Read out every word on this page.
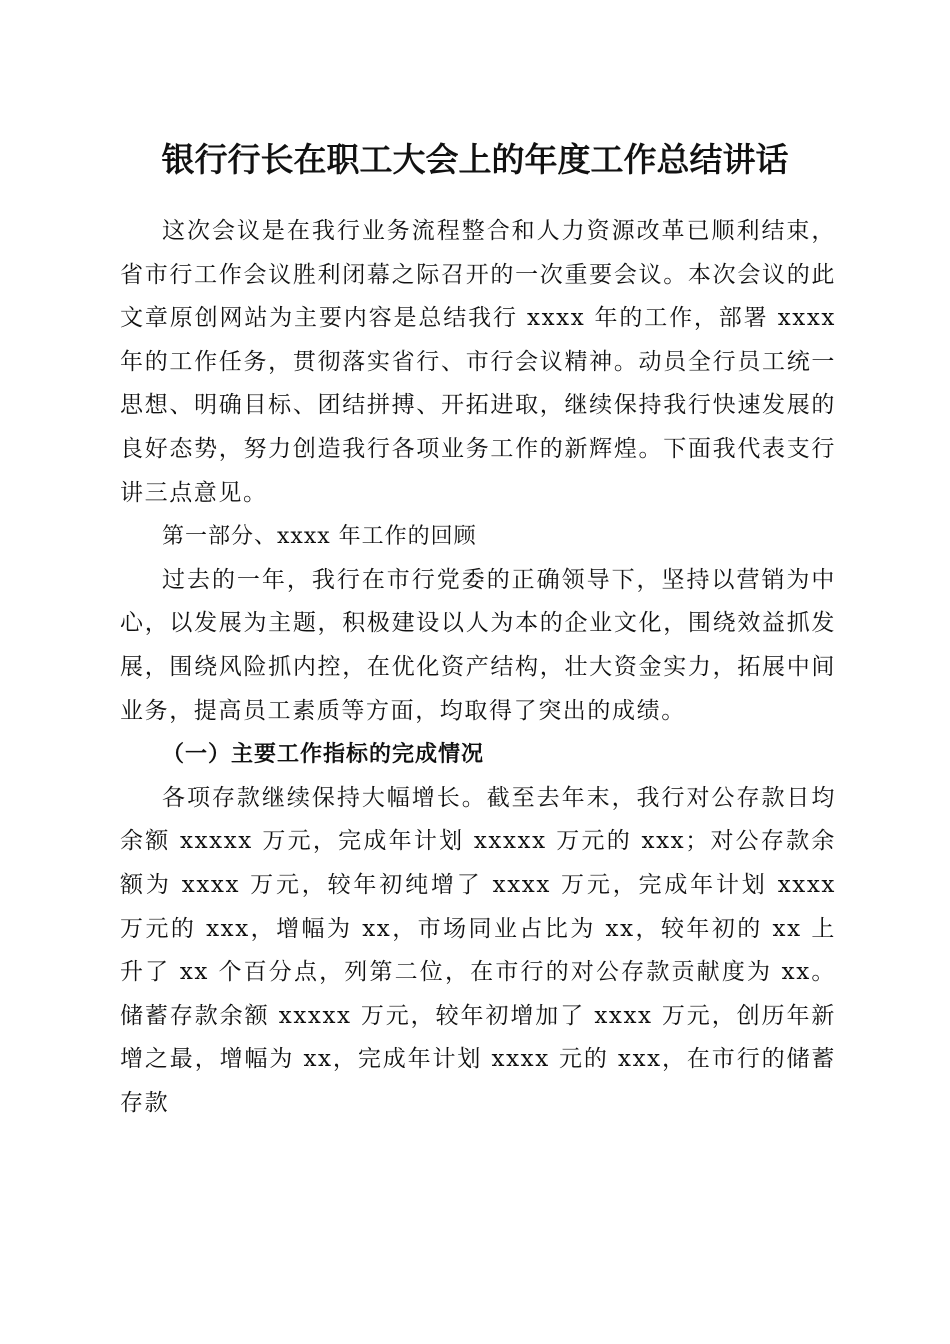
银行行长在职工大会上的年度工作总结讲话

这次会议是在我行业务流程整合和人力资源改革已顺利结束，省市行工作会议胜利闭幕之际召开的一次重要会议。本次会议的此文章原创网站为主要内容是总结我行 xxxx 年的工作，部署 xxxx 年的工作任务，贯彻落实省行、市行会议精神。动员全行员工统一思想、明确目标、团结拼搏、开拓进取，继续保持我行快速发展的良好态势，努力创造我行各项业务工作的新辉煌。下面我代表支行讲三点意见。

第一部分、xxxx 年工作的回顾

过去的一年，我行在市行党委的正确领导下，坚持以营销为中心，以发展为主题，积极建设以人为本的企业文化，围绕效益抓发展，围绕风险抓内控，在优化资产结构，壮大资金实力，拓展中间业务，提高员工素质等方面，均取得了突出的成绩。

（一）主要工作指标的完成情况

各项存款继续保持大幅增长。截至去年末，我行对公存款日均余额 xxxxx 万元，完成年计划 xxxxx 万元的 xxx；对公存款余额为 xxxx 万元，较年初纯增了 xxxx 万元，完成年计划 xxxx 万元的 xxx，增幅为 xx，市场同业占比为 xx，较年初的 xx 上升了 xx 个百分点，列第二位，在市行的对公存款贡献度为 xx。储蓄存款余额 xxxxx 万元，较年初增加了 xxxx 万元，创历年新增之最，增幅为 xx，完成年计划 xxxx 元的 xxx，在市行的储蓄存款
